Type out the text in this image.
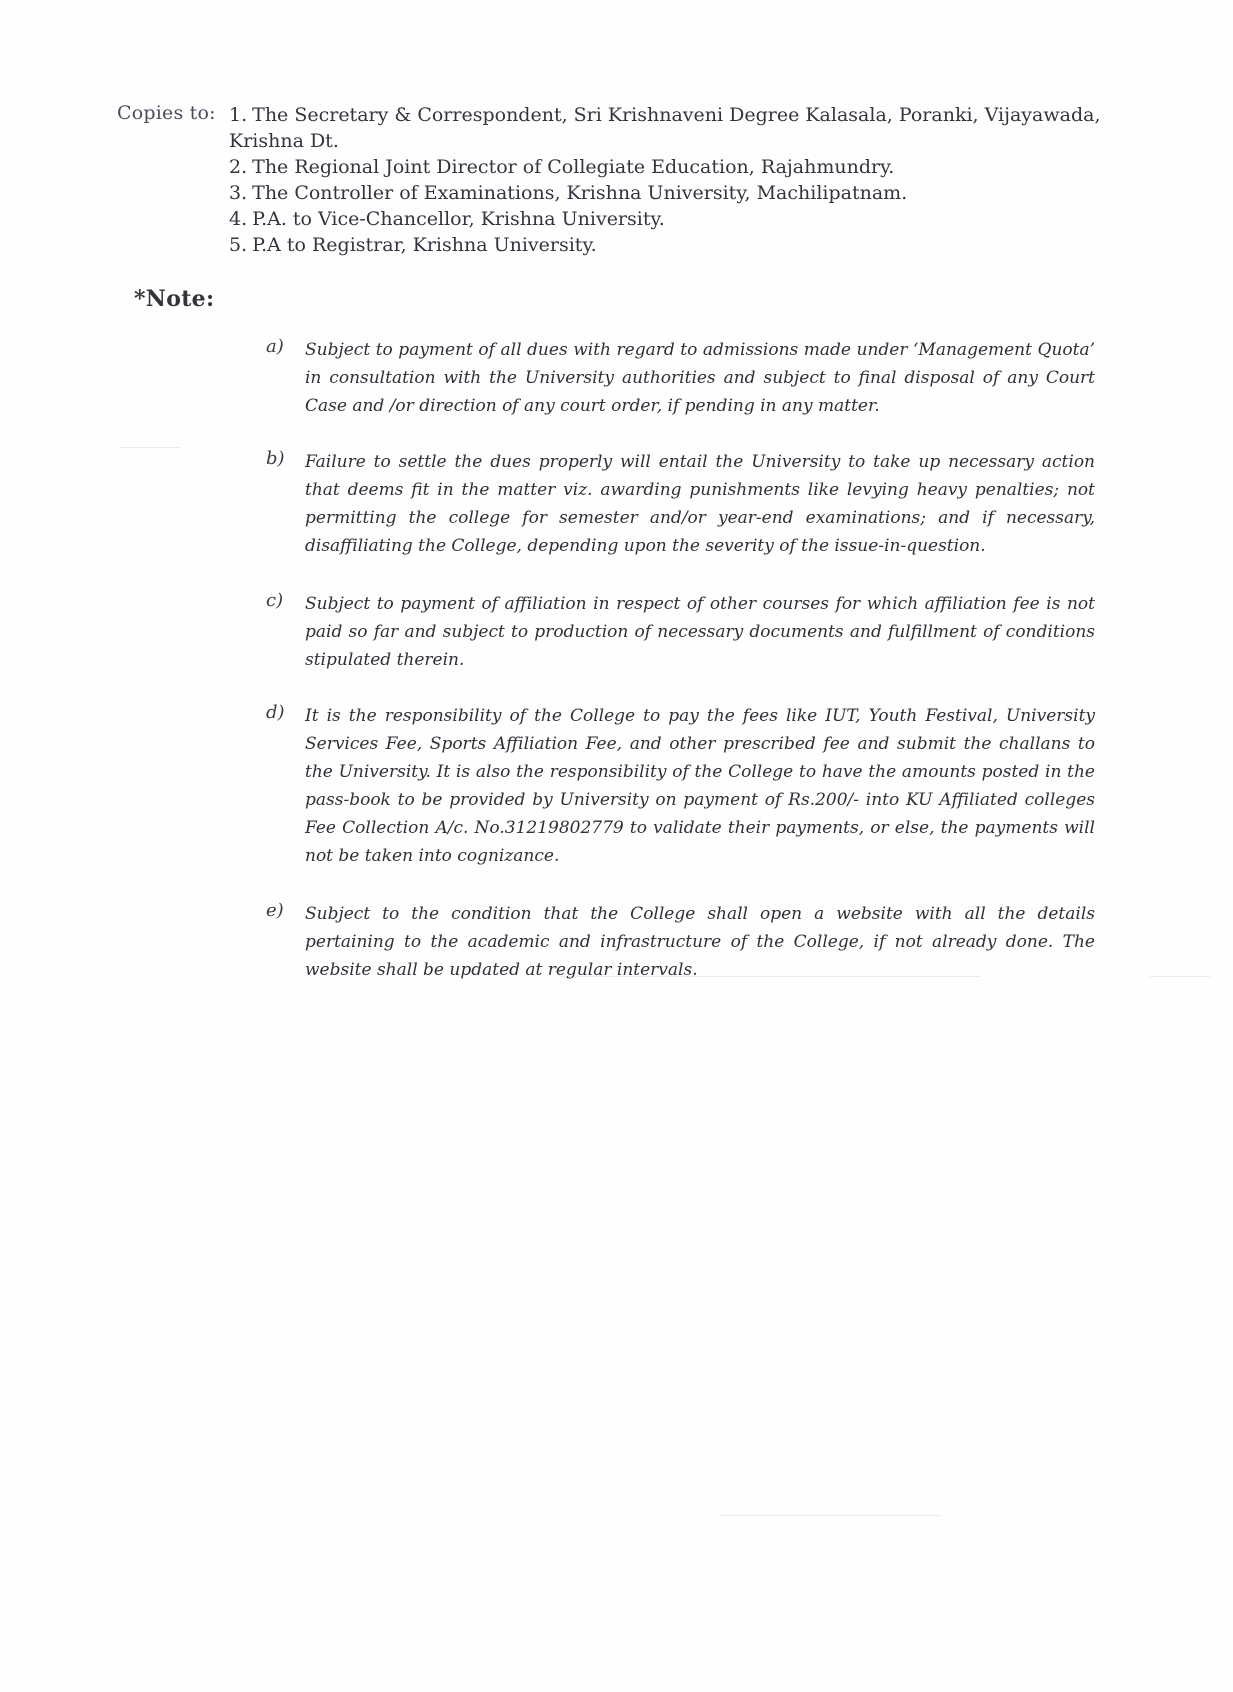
Copies to: 1. The Secretary & Correspondent, Sri Krishnaveni Degree Kalasala, Poranki, Vijayawada,
Krishna Dt.
2. The Regional Joint Director of Collegiate Education, Rajahmundry.
3. The Controller of Examinations, Krishna University, Machilipatnam.
4. P.A. to Vice-Chancellor, Krishna University.
5. P.A to Registrar, Krishna University.
*Note:
a) Subject to payment of all dues with regard to admissions made under ‘Management Quota’ in consultation with the University authorities and subject to final disposal of any Court Case and /or direction of any court order, if pending in any matter.

b) Failure to settle the dues properly will entail the University to take up necessary action that deems fit in the matter viz. awarding punishments like levying heavy penalties; not permitting the college for semester and/or year-end examinations; and if necessary, disaffiliating the College, depending upon the severity of the issue-in-question.

c) Subject to payment of affiliation in respect of other courses for which affiliation fee is not paid so far and subject to production of necessary documents and fulfillment of conditions stipulated therein.

d) It is the responsibility of the College to pay the fees like IUT, Youth Festival, University Services Fee, Sports Affiliation Fee, and other prescribed fee and submit the challans to the University. It is also the responsibility of the College to have the amounts posted in the pass-book to be provided by University on payment of Rs.200/- into KU Affiliated colleges Fee Collection A/c. No.31219802779 to validate their payments, or else, the payments will not be taken into cognizance.

e) Subject to the condition that the College shall open a website with all the details pertaining to the academic and infrastructure of the College, if not already done. The website shall be updated at regular intervals.
